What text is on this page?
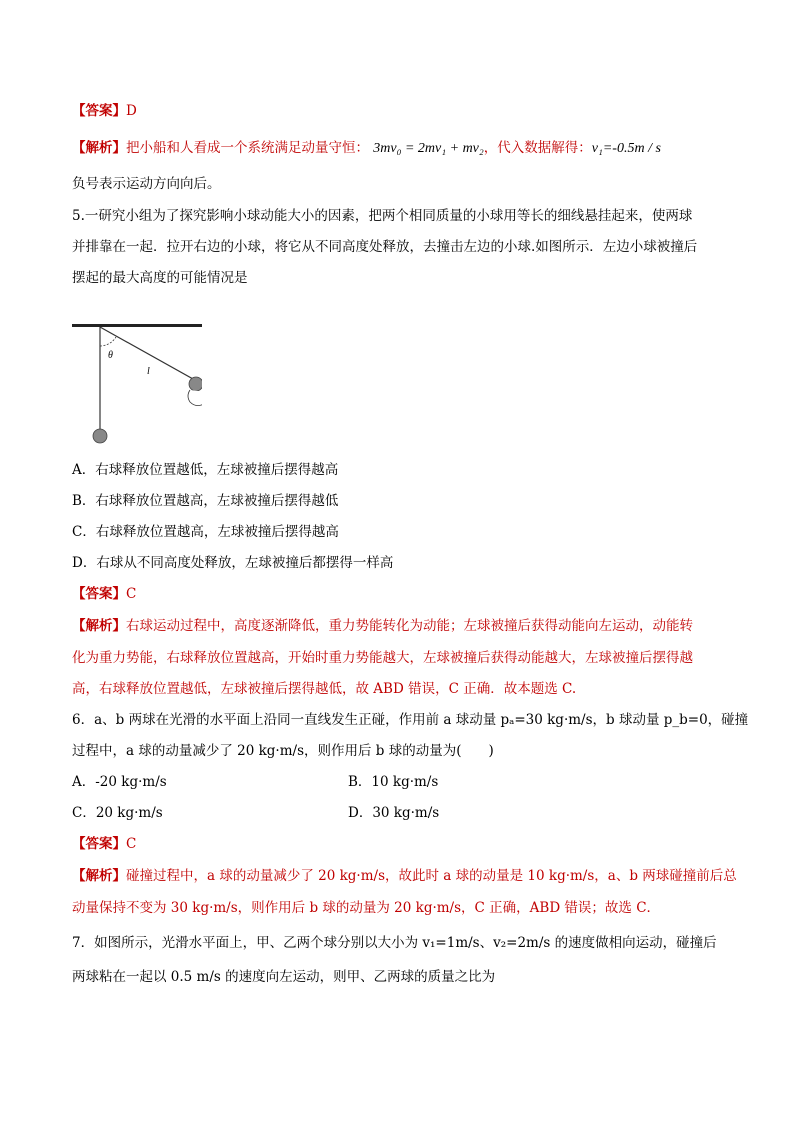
【答案】D
【解析】把小船和人看成一个系统满足动量守恒： 3mv₀ = 2mv₁ + mv₂，代入数据解得：v₁=-0.5m / s
负号表示运动方向向后。
5.一研究小组为了探究影响小球动能大小的因素，把两个相同质量的小球用等长的细线悬挂起来，使两球
并排靠在一起．拉开右边的小球，将它从不同高度处释放，去撞击左边的小球.如图所示．左边小球被撞后
摆起的最大高度的可能情况是
θ
l
A．右球释放位置越低，左球被撞后摆得越高
B．右球释放位置越高，左球被撞后摆得越低
C．右球释放位置越高，左球被撞后摆得越高
D．右球从不同高度处释放，左球被撞后都摆得一样高
【答案】C
【解析】右球运动过程中，高度逐渐降低，重力势能转化为动能；左球被撞后获得动能向左运动，动能转
化为重力势能，右球释放位置越高，开始时重力势能越大，左球被撞后获得动能越大，左球被撞后摆得越
高，右球释放位置越低，左球被撞后摆得越低，故 ABD 错误，C 正确．故本题选 C.
6．a、b 两球在光滑的水平面上沿同一直线发生正碰，作用前 a 球动量 pₐ=30 kg·m/s，b 球动量 p_b=0，碰撞
过程中，a 球的动量减少了 20 kg·m/s，则作用后 b 球的动量为(　　)
A．-20 kg·m/s	B．10 kg·m/s
C．20 kg·m/s	D．30 kg·m/s
【答案】C
【解析】碰撞过程中，a 球的动量减少了 20 kg·m/s，故此时 a 球的动量是 10 kg·m/s，a、b 两球碰撞前后总
动量保持不变为 30 kg·m/s，则作用后 b 球的动量为 20 kg·m/s，C 正确，ABD 错误；故选 C．
7．如图所示，光滑水平面上，甲、乙两个球分别以大小为 v₁=1m/s、v₂=2m/s 的速度做相向运动，碰撞后
两球粘在一起以 0.5 m/s 的速度向左运动，则甲、乙两球的质量之比为
